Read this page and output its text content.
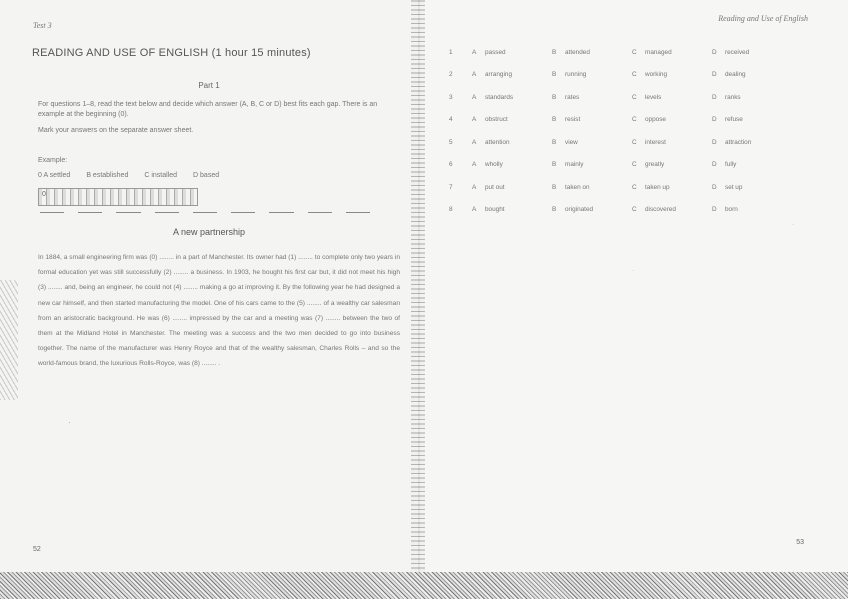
Test 3
READING AND USE OF ENGLISH (1 hour 15 minutes)
Part 1
For questions 1–8, read the text below and decide which answer (A, B, C or D) best fits each gap. There is an example at the beginning (0).
Mark your answers on the separate answer sheet.
Example:
0 A settled B established C installed D based
0
A new partnership

In 1884, a small engineering firm was (0) ........ in a part of Manchester. Its owner had (1) ........ to complete only two years in formal education yet was still successfully (2) ........ a business. In 1903, he bought his first car but, it did not meet his high (3) ........ and, being an engineer, he could not (4) ........ making a go at improving it. By the following year he had designed a new car himself, and then started manufacturing the model. One of his cars came to the (5) ........ of a wealthy car salesman from an aristocratic background. He was (6) ........ impressed by the car and a meeting was (7) ........ between the two of them at the Midland Hotel in Manchester. The meeting was a success and the two men decided to go into business together. The name of the manufacturer was Henry Royce and that of the wealthy salesman, Charles Rolls – and so the world-famous brand, the luxurious Rolls-Royce, was (8) ........ .

·
52
Reading and Use of English
53
·
·
1	A	passed	B	attended	C	managed	D	received
2	A	arranging	B	running	C	working	D	dealing
3	A	standards	B	rates	C	levels	D	ranks
4	A	obstruct	B	resist	C	oppose	D	refuse
5	A	attention	B	view	C	interest	D	attraction
6	A	wholly	B	mainly	C	greatly	D	fully
7	A	put out	B	taken on	C	taken up	D	set up
8	A	bought	B	originated	C	discovered	D	born
